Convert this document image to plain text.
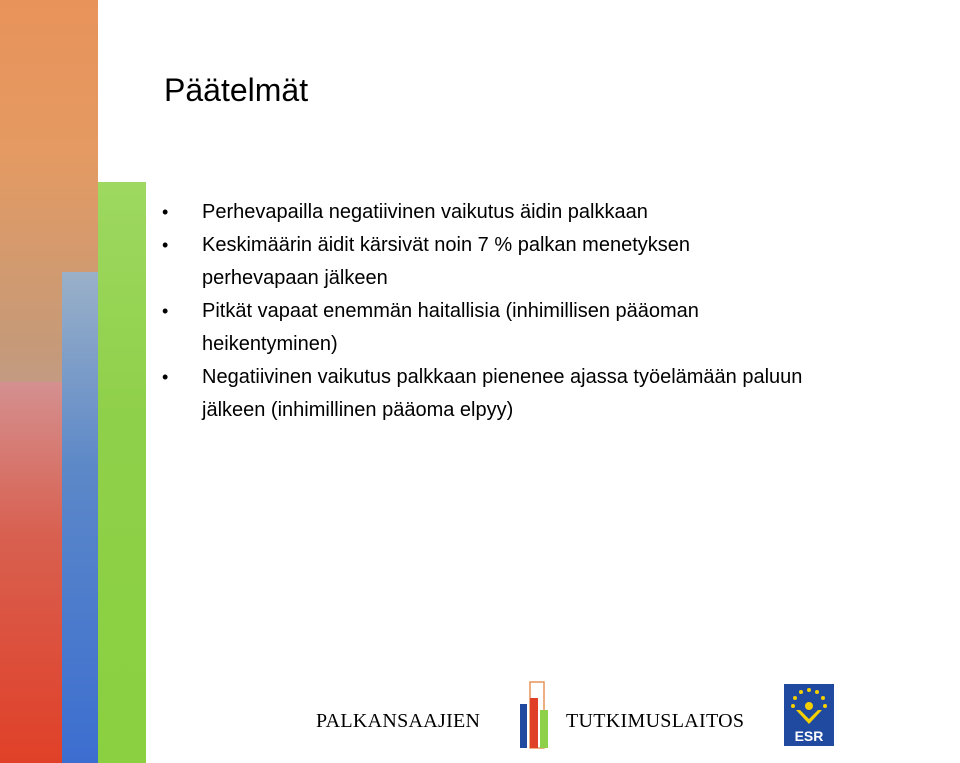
Päätelmät
•	Perhevapailla negatiivinen vaikutus äidin palkkaan
•	Keskimäärin äidit kärsivät noin 7 % palkan menetyksen
perhevapaan jälkeen
•	Pitkät vapaat enemmän haitallisia (inhimillisen pääoman
heikentyminen)
•	Negatiivinen vaikutus palkkaan pienenee ajassa työelämään paluun
jälkeen (inhimillinen pääoma elpyy)
PALKANSAAJIEN	TUTKIMUSLAITOS
ESR
